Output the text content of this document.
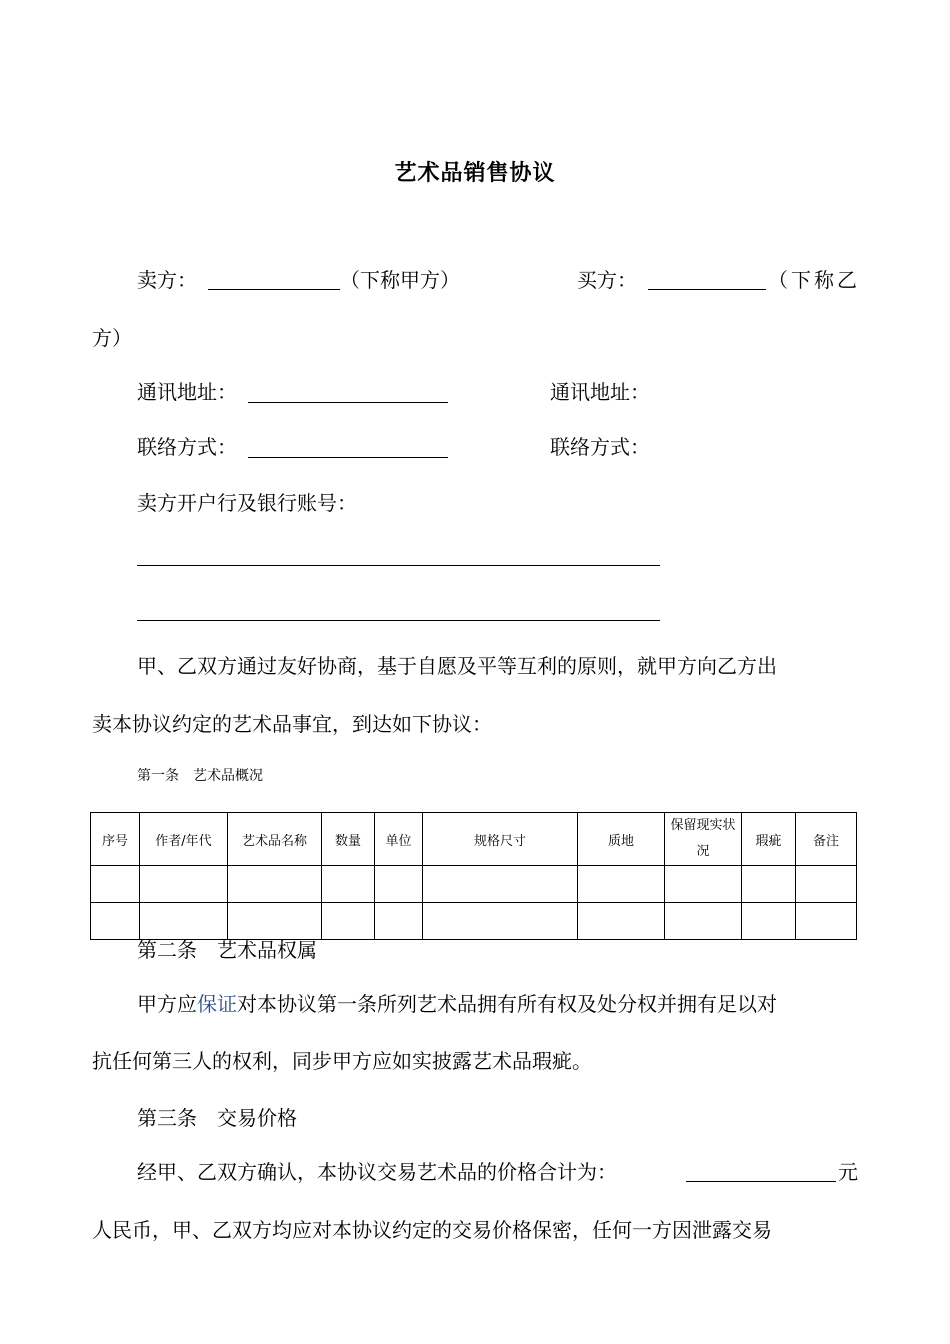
艺术品销售协议
卖方：	（下称甲方）	买方：	（下称乙
方）
通讯地址：	通讯地址：
联络方式：	联络方式：
卖方开户行及银行账号：
甲、乙双方通过友好协商，基于自愿及平等互利的原则，就甲方向乙方出
卖本协议约定的艺术品事宜，到达如下协议：
第一条　艺术品概况
序号	作者/年代	艺术品名称	数量	单位	规格尺寸	质地	保留现实状况	瑕疵	备注

第二条　艺术品权属
甲方应保证对本协议第一条所列艺术品拥有所有权及处分权并拥有足以对
抗任何第三人的权利，同步甲方应如实披露艺术品瑕疵。
第三条　交易价格
经甲、乙双方确认，本协议交易艺术品的价格合计为：	元
人民币，甲、乙双方均应对本协议约定的交易价格保密，任何一方因泄露交易
